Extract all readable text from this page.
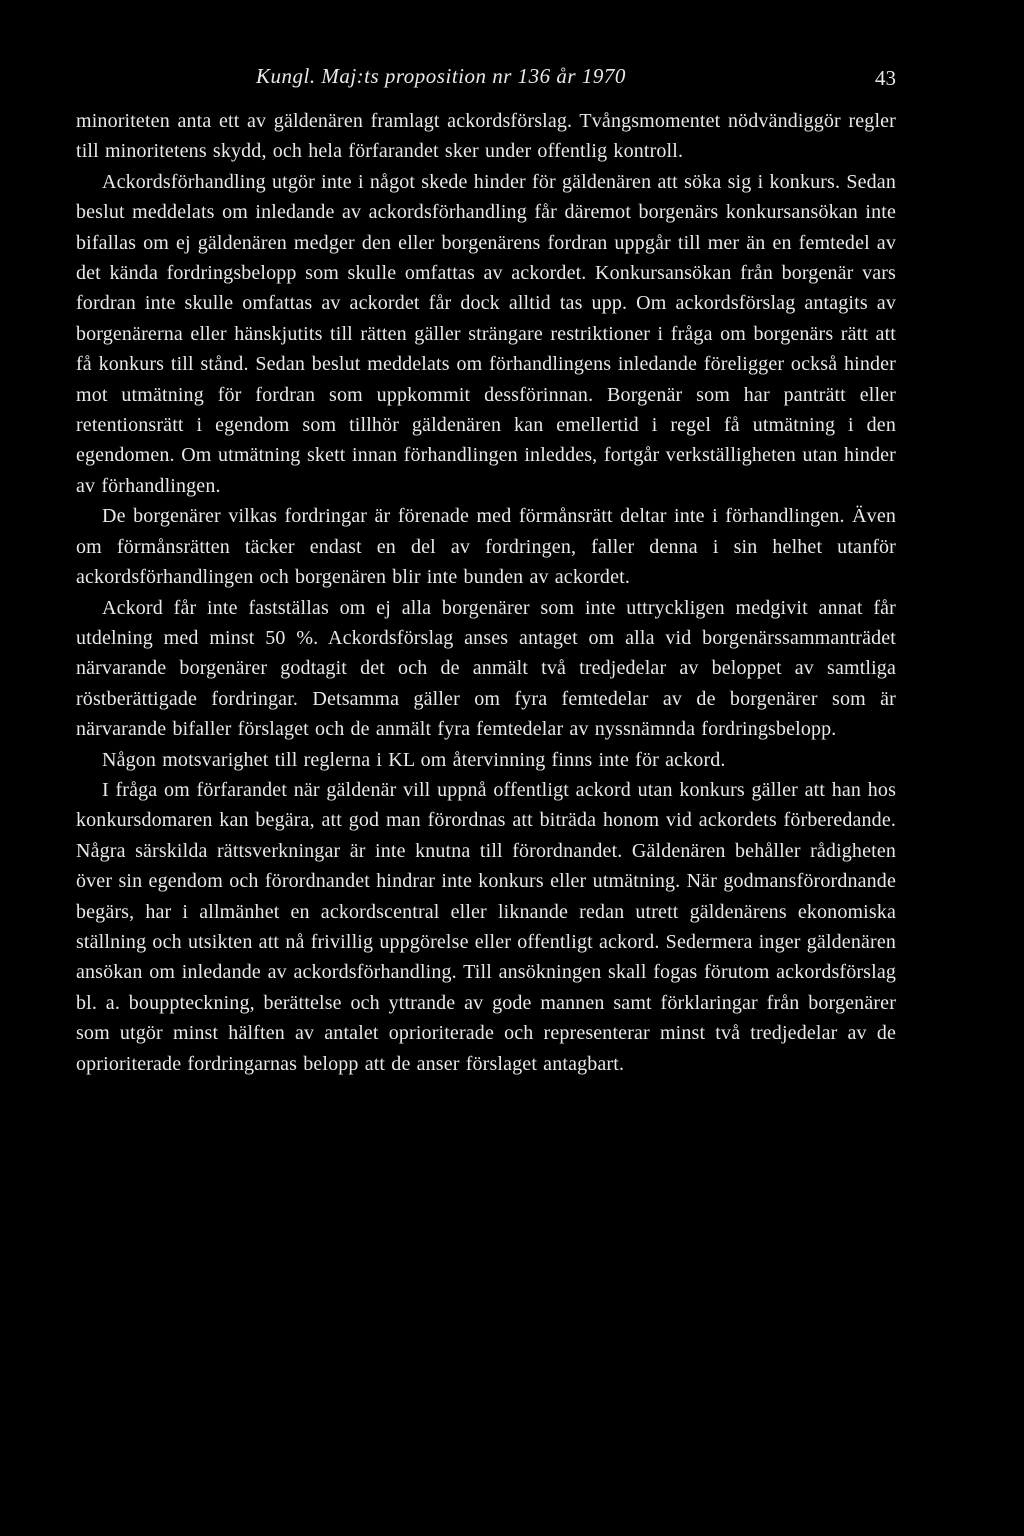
Kungl. Maj:ts proposition nr 136 år 1970	43

minoriteten anta ett av gäldenären framlagt ackordsförslag. Tvångsmomentet nödvändiggör regler till minoritetens skydd, och hela förfarandet sker under offentlig kontroll.

Ackordsförhandling utgör inte i något skede hinder för gäldenären att söka sig i konkurs. Sedan beslut meddelats om inledande av ackordsförhandling får däremot borgenärs konkursansökan inte bifallas om ej gäldenären medger den eller borgenärens fordran uppgår till mer än en femtedel av det kända fordringsbelopp som skulle omfattas av ackordet. Konkursansökan från borgenär vars fordran inte skulle omfattas av ackordet får dock alltid tas upp. Om ackordsförslag antagits av borgenärerna eller hänskjutits till rätten gäller strängare restriktioner i fråga om borgenärs rätt att få konkurs till stånd. Sedan beslut meddelats om förhandlingens inledande föreligger också hinder mot utmätning för fordran som uppkommit dessförinnan. Borgenär som har panträtt eller retentionsrätt i egendom som tillhör gäldenären kan emellertid i regel få utmätning i den egendomen. Om utmätning skett innan förhandlingen inleddes, fortgår verkställigheten utan hinder av förhandlingen.

De borgenärer vilkas fordringar är förenade med förmånsrätt deltar inte i förhandlingen. Även om förmånsrätten täcker endast en del av fordringen, faller denna i sin helhet utanför ackordsförhandlingen och borgenären blir inte bunden av ackordet.

Ackord får inte fastställas om ej alla borgenärer som inte uttryckligen medgivit annat får utdelning med minst 50 %. Ackordsförslag anses antaget om alla vid borgenärssammanträdet närvarande borgenärer godtagit det och de anmält två tredjedelar av beloppet av samtliga röstberättigade fordringar. Detsamma gäller om fyra femtedelar av de borgenärer som är närvarande bifaller förslaget och de anmält fyra femtedelar av nyssnämnda fordringsbelopp.

Någon motsvarighet till reglerna i KL om återvinning finns inte för ackord.

I fråga om förfarandet när gäldenär vill uppnå offentligt ackord utan konkurs gäller att han hos konkursdomaren kan begära, att god man förordnas att biträda honom vid ackordets förberedande. Några särskilda rättsverkningar är inte knutna till förordnandet. Gäldenären behåller rådigheten över sin egendom och förordnandet hindrar inte konkurs eller utmätning. När godmansförordnande begärs, har i allmänhet en ackordscentral eller liknande redan utrett gäldenärens ekonomiska ställning och utsikten att nå frivillig uppgörelse eller offentligt ackord. Sedermera inger gäldenären ansökan om inledande av ackordsförhandling. Till ansökningen skall fogas förutom ackordsförslag bl. a. bouppteckning, berättelse och yttrande av gode mannen samt förklaringar från borgenärer som utgör minst hälften av antalet oprioriterade och representerar minst två tredjedelar av de oprioriterade fordringarnas belopp att de anser förslaget antagbart.
